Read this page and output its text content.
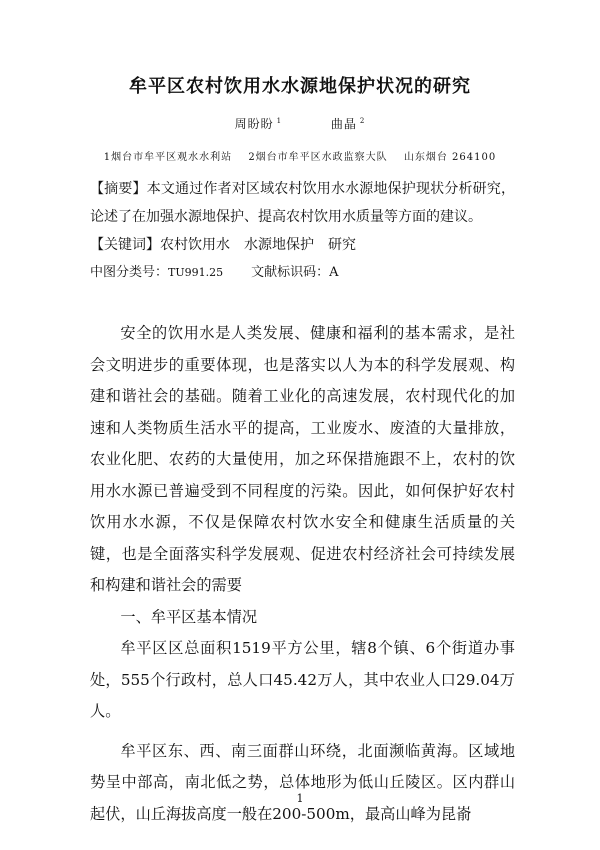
牟平区农村饮用水水源地保护状况的研究
周盼盼 $^1$	曲晶 $^2$
1烟台市牟平区观水水利站 2烟台市牟平区水政监察大队 山东烟台 264100

【摘要】本文通过作者对区域农村饮用水水源地保护现状分析研究，论述了在加强水源地保护、提高农村饮用水质量等方面的建议。

【关键词】农村饮用水　水源地保护　研究

中图分类号：TU991.25 文献标识码：A

安全的饮用水是人类发展、健康和福利的基本需求，是社会文明进步的重要体现，也是落实以人为本的科学发展观、构建和谐社会的基础。随着工业化的高速发展，农村现代化的加速和人类物质生活水平的提高，工业废水、废渣的大量排放，农业化肥、农药的大量使用，加之环保措施跟不上，农村的饮用水水源已普遍受到不同程度的污染。因此，如何保护好农村饮用水水源，不仅是保障农村饮水安全和健康生活质量的关键，也是全面落实科学发展观、促进农村经济社会可持续发展和构建和谐社会的需要

一、牟平区基本情况

牟平区区总面积1519平方公里，辖8个镇、6个街道办事处，555个行政村，总人口45.42万人，其中农业人口29.04万人。

牟平区东、西、南三面群山环绕，北面濒临黄海。区域地势呈中部高，南北低之势，总体地形为低山丘陵区。区内群山起伏，山丘海拔高度一般在200-500m，最高山峰为昆嵛

1
